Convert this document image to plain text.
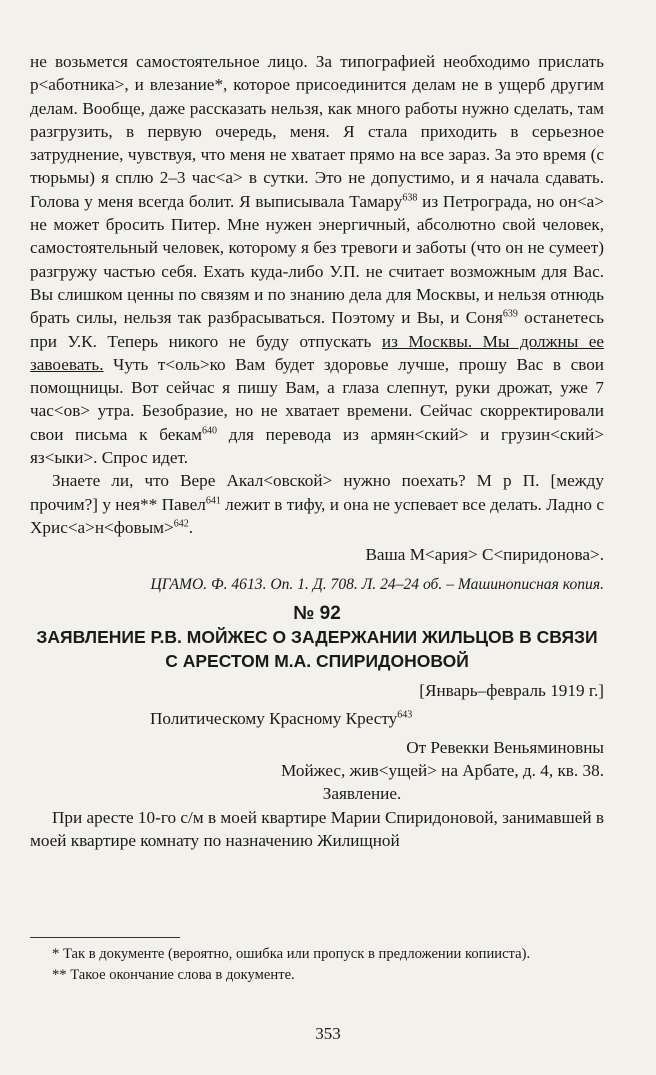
не возьмется самостоятельное лицо. За типографией необходимо прислать р<аботника>, и влезание*, которое присоединится делам не в ущерб другим делам. Вообще, даже рассказать нельзя, как много работы нужно сделать, там разгрузить, в первую очередь, меня. Я стала приходить в серьезное затруднение, чувствуя, что меня не хватает прямо на все зараз. За это время (с тюрьмы) я сплю 2–3 час<а> в сутки. Это не допустимо, и я начала сдавать. Голова у меня всегда болит. Я выписывала Тамару$^{638}$ из Петрограда, но он<а> не может бросить Питер. Мне нужен энергичный, абсолютно свой человек, самостоятельный человек, которому я без тревоги и заботы (что он не сумеет) разгружу частью себя. Ехать куда-либо У.П. не считает возможным для Вас. Вы слишком ценны по связям и по знанию дела для Москвы, и нельзя отнюдь брать силы, нельзя так разбрасываться. Поэтому и Вы, и Соня$^{639}$ останетесь при У.К. Теперь никого не буду отпускать из Москвы. Мы должны ее завоевать. Чуть т<оль>ко Вам будет здоровье лучше, прошу Вас в свои помощницы. Вот сейчас я пишу Вам, а глаза слепнут, руки дрожат, уже 7 час<ов> утра. Безобразие, но не хватает времени. Сейчас скорректировали свои письма к бекам$^{640}$ для перевода из армян<ский> и грузин<ский> яз<ыки>. Спрос идет.

Знаете ли, что Вере Акал<овской> нужно поехать? М р П. [между прочим?] у нея** Павел$^{641}$ лежит в тифу, и она не успевает все делать. Ладно с Хрис<а>н<фовым>$^{642}$.

Ваша М<ария> С<пиридонова>.

ЦГАМО. Ф. 4613. Оп. 1. Д. 708. Л. 24–24 об. – Машинописная копия.

№ 92

ЗАЯВЛЕНИЕ Р.В. МОЙЖЕС О ЗАДЕРЖАНИИ ЖИЛЬЦОВ В СВЯЗИ С АРЕСТОМ М.А. СПИРИДОНОВОЙ

[Январь–февраль 1919 г.]

Политическому Красному Кресту$^{643}$

От Ревекки Веньяминовны

Мойжес, жив<ущей> на Арбате, д. 4, кв. 38.

Заявление.

При аресте 10-го с/м в моей квартире Марии Спиридоновой, занимавшей в моей квартире комнату по назначению Жилищной

* Так в документе (вероятно, ошибка или пропуск в предложении копииста).

** Такое окончание слова в документе.

353
